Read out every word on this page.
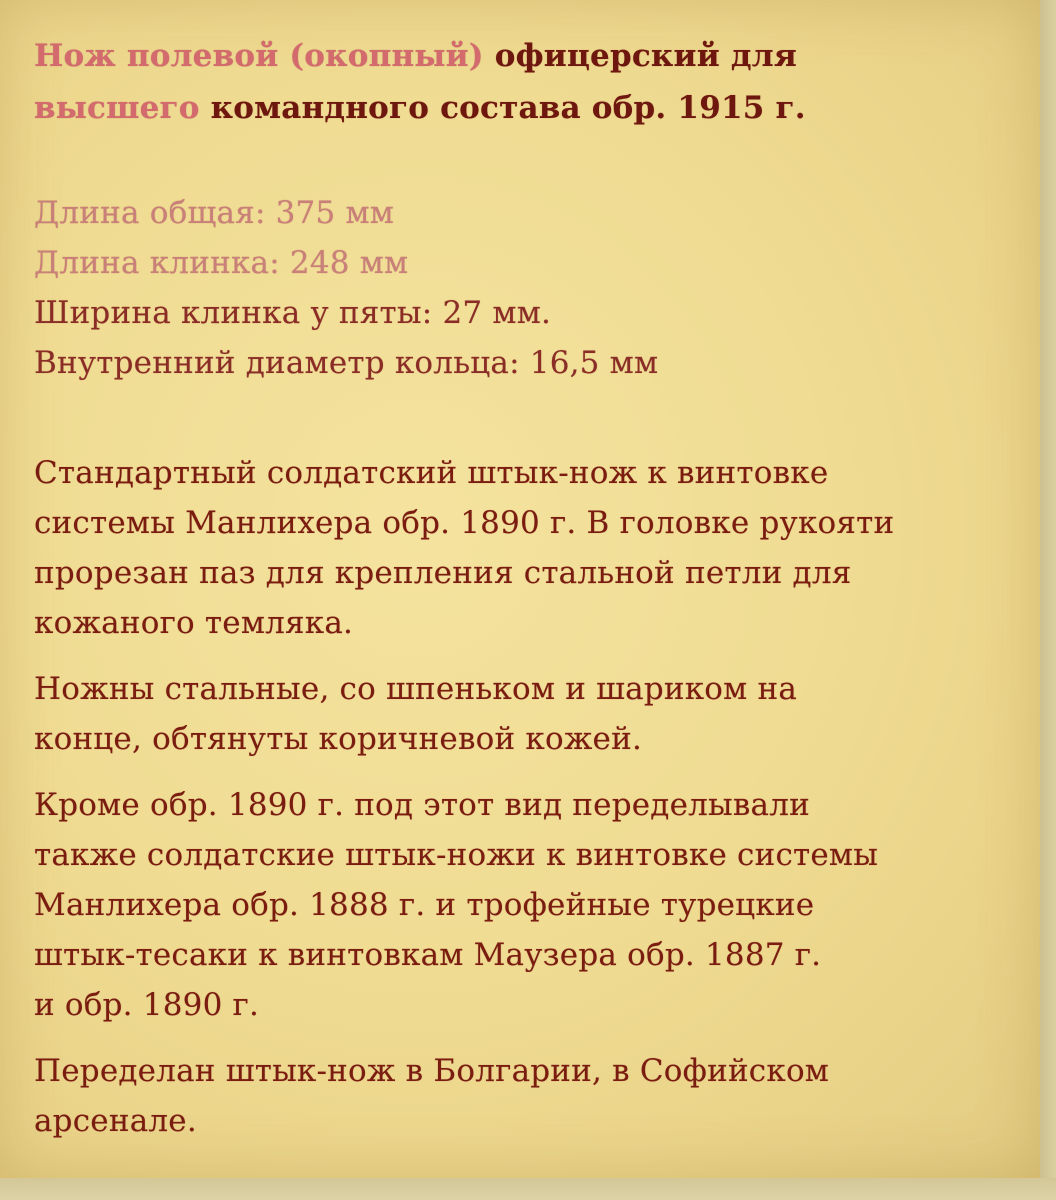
Нож полевой (окопный) офицерский для
высшего командного состава обр. 1915 г.
Длина общая: 375 мм
Длина клинка: 248 мм
Ширина клинка у пяты: 27 мм.
Внутренний диаметр кольца: 16,5 мм

Стандартный солдатский штык-нож к винтовке
системы Манлихера обр. 1890 г. В головке рукояти
прорезан паз для крепления стальной петли для
кожаного темляка.

Ножны стальные, со шпеньком и шариком на
конце, обтянуты коричневой кожей.

Кроме обр. 1890 г. под этот вид переделывали
также солдатские штык-ножи к винтовке системы
Манлихера обр. 1888 г. и трофейные турецкие
штык-тесаки к винтовкам Маузера обр. 1887 г.
и обр. 1890 г.

Переделан штык-нож в Болгарии, в Софийском
арсенале.
